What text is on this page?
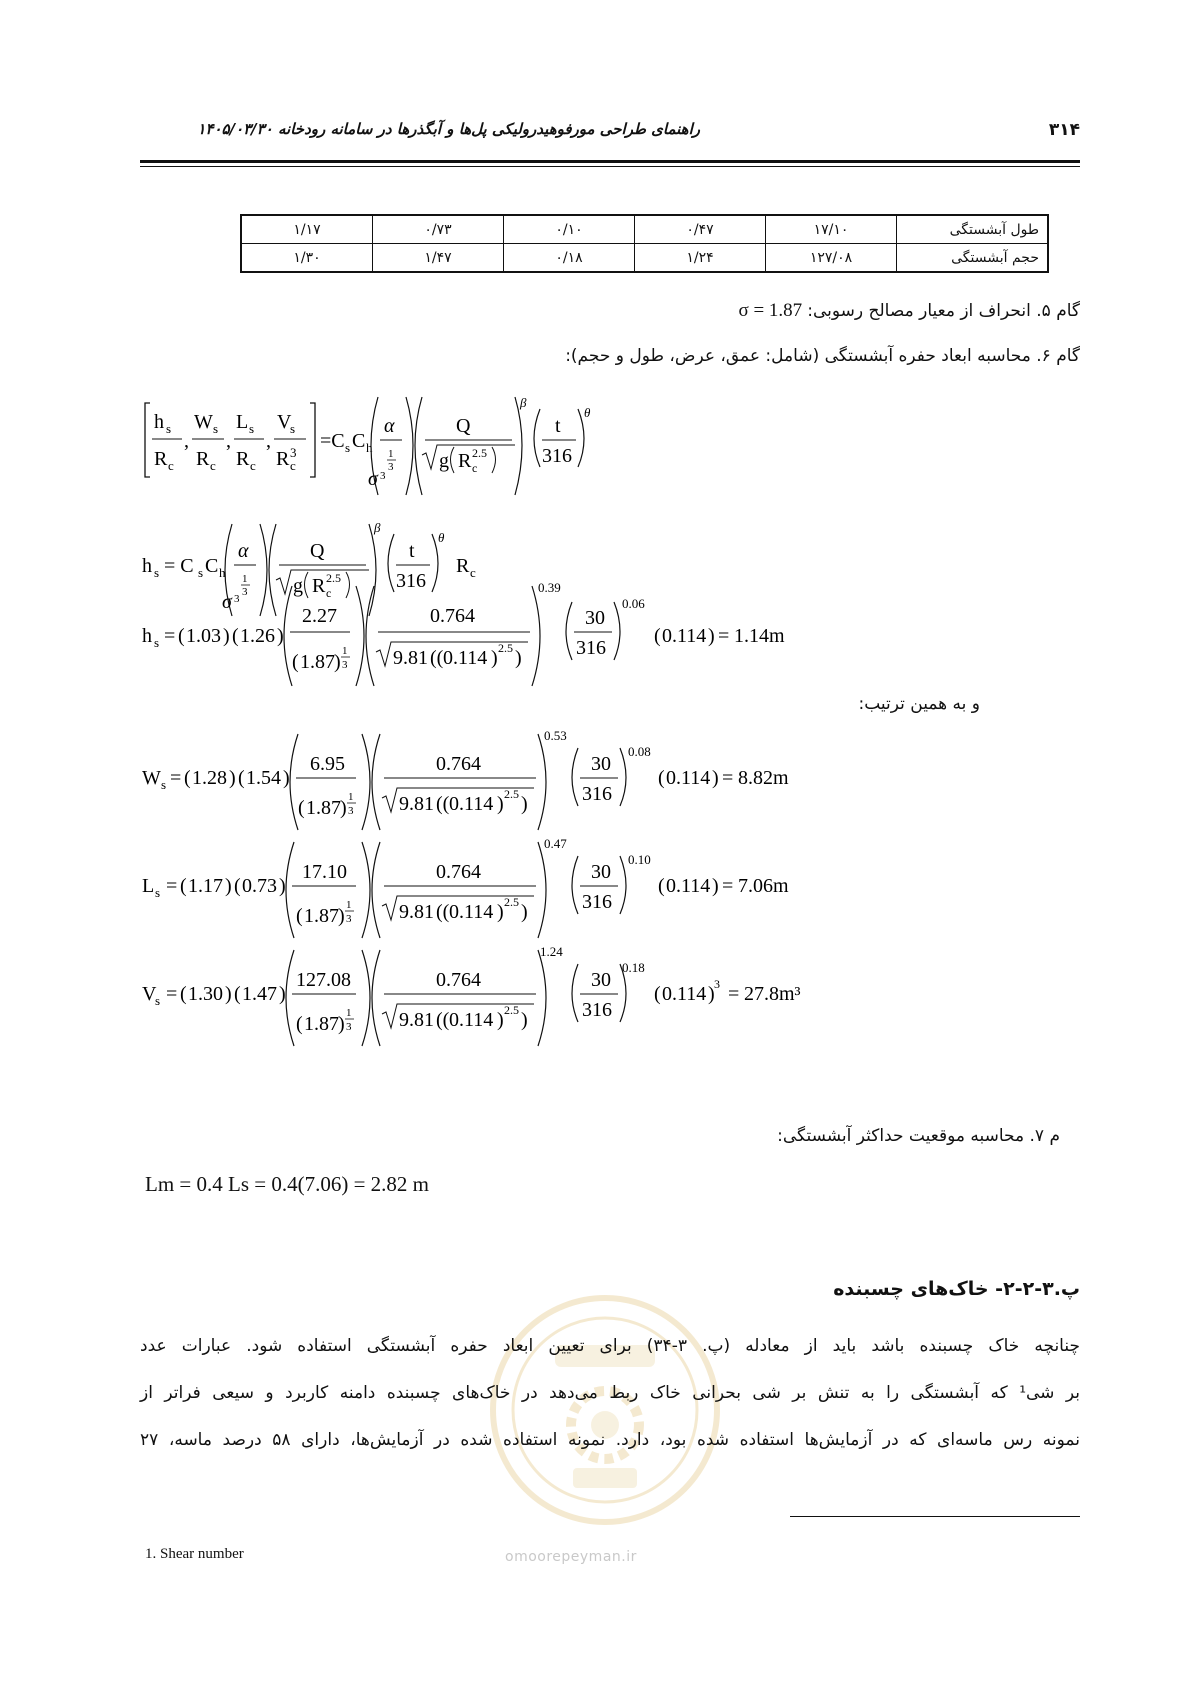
۳۱۴
راهنمای طراحی مورفوهیدرولیکی پل‌ها و آبگذرها در سامانه رودخانه ۱۴۰۵/۰۳/۳۰
طول آبشستگی	۱۷/۱۰	۰/۴۷	۰/۱۰	۰/۷۳	۱/۱۷
حجم آبشستگی	۱۲۷/۰۸	۱/۲۴	۰/۱۸	۱/۴۷	۱/۳۰
گام ۵. انحراف از معیار مصالح رسوبی: σ = 1.87
گام ۶. محاسبه ابعاد حفره آبشستگی (شامل: عمق، عرض، طول و حجم):
h s
R c
,
W s
R c
,
L s
R c
,
V
s
R c
3
=C s C h
α
1
3
σ 3
Q
g R c
2.5
β
t
316
θ
h s = C s C h
α
1
3
σ 3
Q
g R c
2.5
β
t
316
θ
R c
h s = ( 1.03 ) ( 1.26 )
2.27
( 1.87 ) 1
3
0.764
9.81 (( 0.114 ) 2.5 )
0.39
30
316
0.06
( 0.114 ) = 1.14m
و به همین ترتیب:
W s = ( 1.28 ) ( 1.54 )
6.95
( 1.87 ) 1
3
0.764
9.81 (( 0.114 ) 2.5 )
0.53
30
316
0.08
( 0.114 ) = 8.82m
L s = ( 1.17 ) ( 0.73 )
17.10
( 1.87 ) 1
3
0.764
9.81 (( 0.114 ) 2.5 )
0.47
30
316
0.10
( 0.114 ) = 7.06m
V
s = ( 1.30 ) ( 1.47 )
127.08
( 1.87 ) 1
3
0.764
9.81 (( 0.114 ) 2.5 )
1.24
30
316
0.18
( 0.114 ) 3 = 27.8m³
م ۷. محاسبه موقعیت حداکثر آبشستگی:
Lm = 0.4 Ls = 0.4(7.06) = 2.82 m
omoorepeyman.ir
پ.۳-۲-۲- خاک‌های چسبنده
چنانچه خاک چسبنده باشد باید از معادله (پ. ۳-۳۴) برای تعیین ابعاد حفره آبشستگی استفاده شود. عبارات عدد
بر شی¹ که آبشستگی را به تنش بر شی بحرانی خاک ربط می‌دهد در خاک‌های چسبنده دامنه کاربرد و سیعی فراتر از
نمونه رس ماسه‌ای که در آزمایش‌ها استفاده شده بود، دارد. نمونه استفاده شده در آزمایش‌ها، دارای ۵۸ درصد ماسه، ۲۷
1. Shear number
